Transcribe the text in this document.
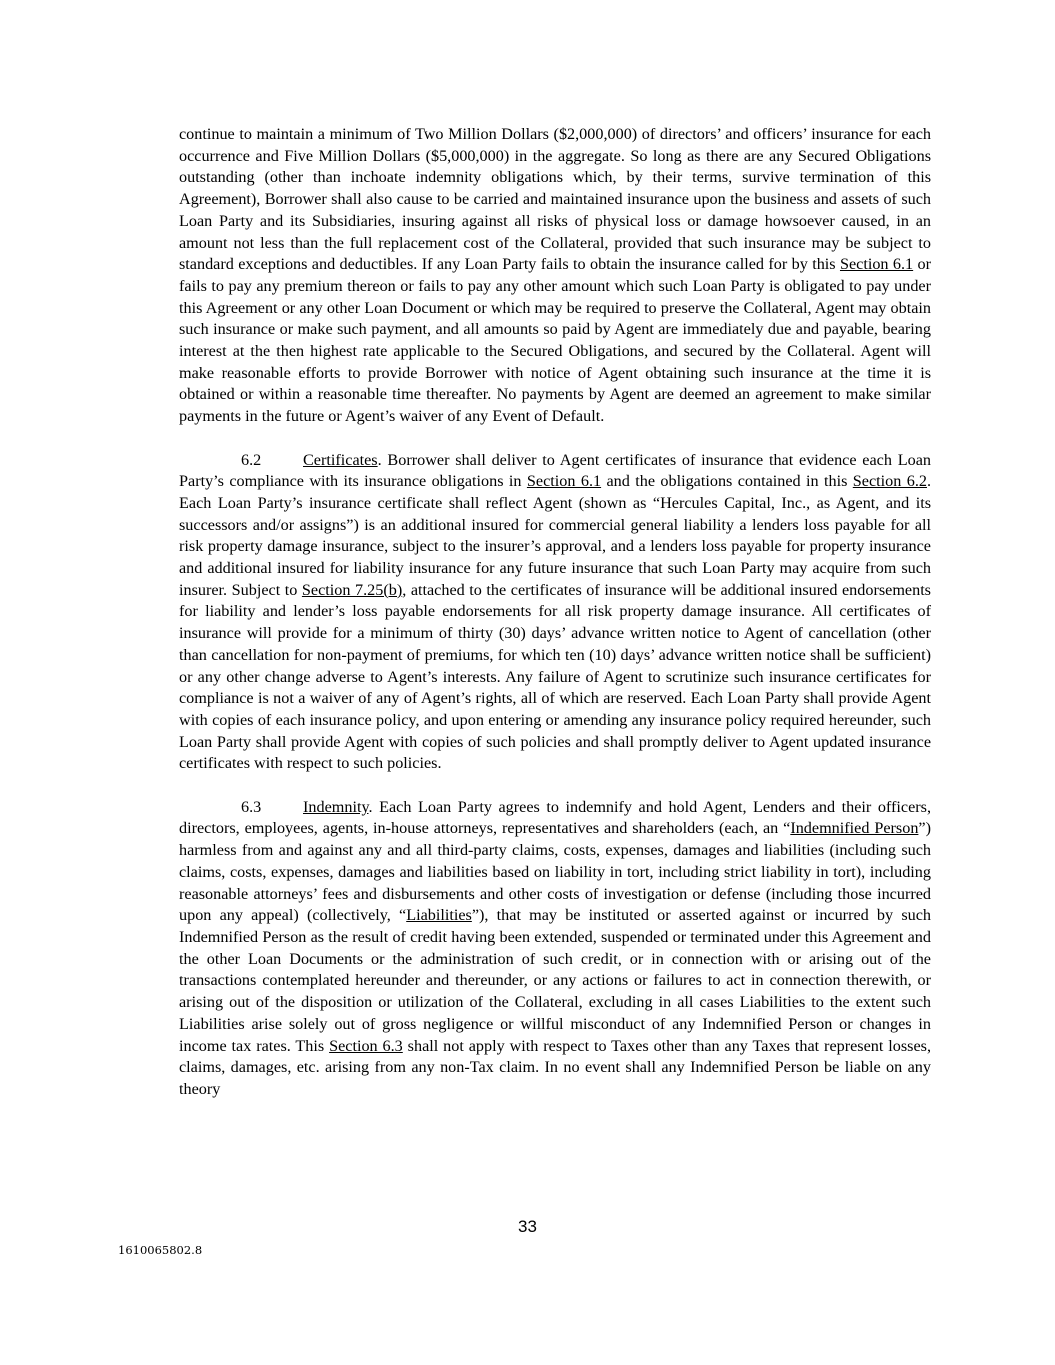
continue to maintain a minimum of Two Million Dollars ($2,000,000) of directors’ and officers’ insurance for each occurrence and Five Million Dollars ($5,000,000) in the aggregate. So long as there are any Secured Obligations outstanding (other than inchoate indemnity obligations which, by their terms, survive termination of this Agreement), Borrower shall also cause to be carried and maintained insurance upon the business and assets of such Loan Party and its Subsidiaries, insuring against all risks of physical loss or damage howsoever caused, in an amount not less than the full replacement cost of the Collateral, provided that such insurance may be subject to standard exceptions and deductibles. If any Loan Party fails to obtain the insurance called for by this Section 6.1 or fails to pay any premium thereon or fails to pay any other amount which such Loan Party is obligated to pay under this Agreement or any other Loan Document or which may be required to preserve the Collateral, Agent may obtain such insurance or make such payment, and all amounts so paid by Agent are immediately due and payable, bearing interest at the then highest rate applicable to the Secured Obligations, and secured by the Collateral. Agent will make reasonable efforts to provide Borrower with notice of Agent obtaining such insurance at the time it is obtained or within a reasonable time thereafter. No payments by Agent are deemed an agreement to make similar payments in the future or Agent’s waiver of any Event of Default.

6.2	Certificates. Borrower shall deliver to Agent certificates of insurance that evidence each Loan Party’s compliance with its insurance obligations in Section 6.1 and the obligations contained in this Section 6.2. Each Loan Party’s insurance certificate shall reflect Agent (shown as “Hercules Capital, Inc., as Agent, and its successors and/or assigns”) is an additional insured for commercial general liability a lenders loss payable for all risk property damage insurance, subject to the insurer’s approval, and a lenders loss payable for property insurance and additional insured for liability insurance for any future insurance that such Loan Party may acquire from such insurer. Subject to Section 7.25(b), attached to the certificates of insurance will be additional insured endorsements for liability and lender’s loss payable endorsements for all risk property damage insurance. All certificates of insurance will provide for a minimum of thirty (30) days’ advance written notice to Agent of cancellation (other than cancellation for non-payment of premiums, for which ten (10) days’ advance written notice shall be sufficient) or any other change adverse to Agent’s interests. Any failure of Agent to scrutinize such insurance certificates for compliance is not a waiver of any of Agent’s rights, all of which are reserved. Each Loan Party shall provide Agent with copies of each insurance policy, and upon entering or amending any insurance policy required hereunder, such Loan Party shall provide Agent with copies of such policies and shall promptly deliver to Agent updated insurance certificates with respect to such policies.

6.3	Indemnity. Each Loan Party agrees to indemnify and hold Agent, Lenders and their officers, directors, employees, agents, in-house attorneys, representatives and shareholders (each, an “Indemnified Person”) harmless from and against any and all third-party claims, costs, expenses, damages and liabilities (including such claims, costs, expenses, damages and liabilities based on liability in tort, including strict liability in tort), including reasonable attorneys’ fees and disbursements and other costs of investigation or defense (including those incurred upon any appeal) (collectively, “Liabilities”), that may be instituted or asserted against or incurred by such Indemnified Person as the result of credit having been extended, suspended or terminated under this Agreement and the other Loan Documents or the administration of such credit, or in connection with or arising out of the transactions contemplated hereunder and thereunder, or any actions or failures to act in connection therewith, or arising out of the disposition or utilization of the Collateral, excluding in all cases Liabilities to the extent such Liabilities arise solely out of gross negligence or willful misconduct of any Indemnified Person or changes in income tax rates. This Section 6.3 shall not apply with respect to Taxes other than any Taxes that represent losses, claims, damages, etc. arising from any non-Tax claim. In no event shall any Indemnified Person be liable on any theory

33
1610065802.8
